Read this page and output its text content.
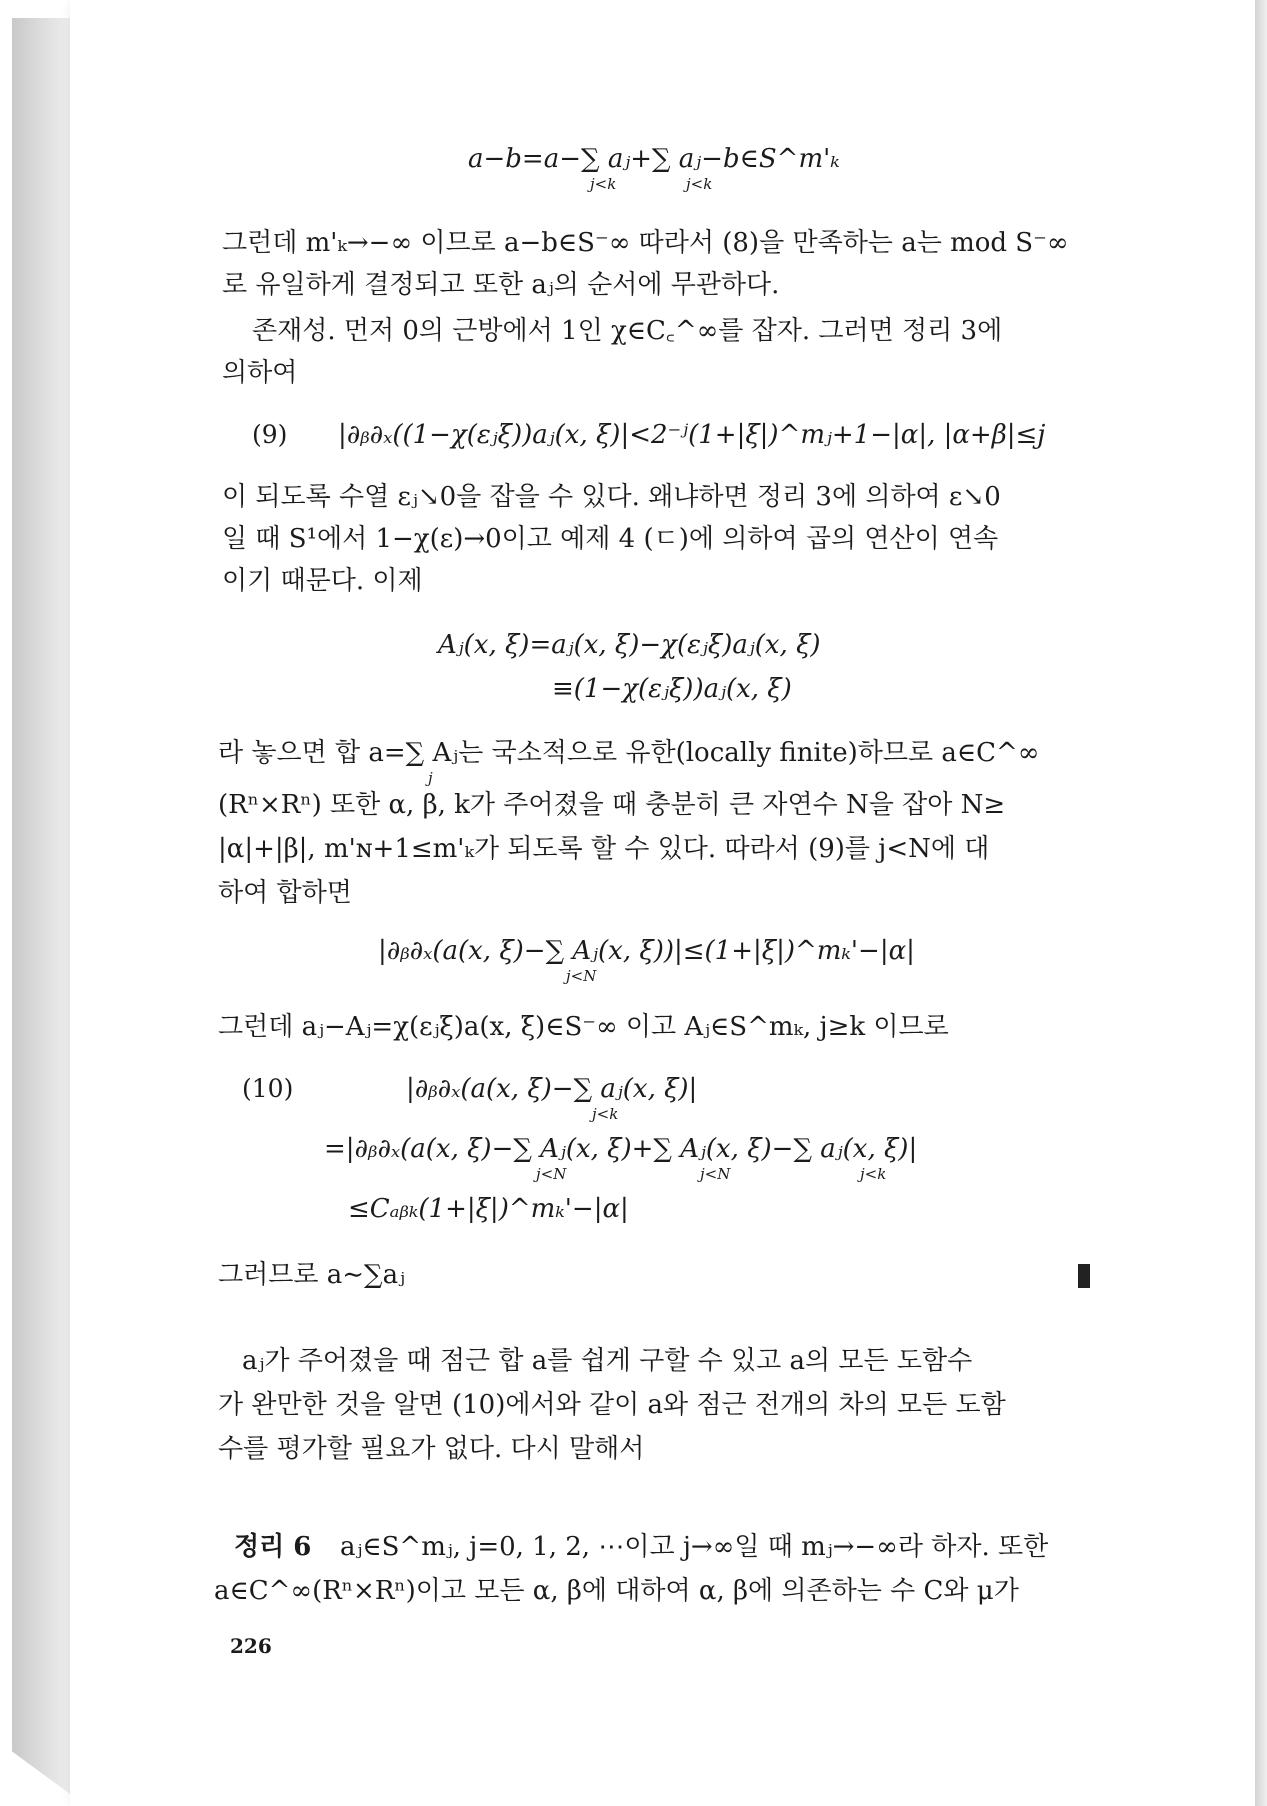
a−b=a−∑ aⱼ+∑ aⱼ−b∈S^m'ₖ
j<k	j<k
그런데 m'ₖ→−∞ 이므로 a−b∈S⁻∞ 따라서 (8)을 만족하는 a는 mod S⁻∞
로 유일하게 결정되고 또한 aⱼ의 순서에 무관하다.
존재성. 먼저 0의 근방에서 1인 χ∈C꜀^∞를 잡자. 그러면 정리 3에
의하여
(9) |∂ᵦ∂ₓ((1−χ(εⱼξ))aⱼ(x, ξ)|<2⁻ʲ(1+|ξ|)^mⱼ+1−|α|, |α+β|≤j
이 되도록 수열 εⱼ↘0을 잡을 수 있다. 왜냐하면 정리 3에 의하여 ε↘0
일 때 S¹에서 1−χ(ε)→0이고 예제 4 (ㄷ)에 의하여 곱의 연산이 연속
이기 때문다. 이제
Aⱼ(x, ξ)=aⱼ(x, ξ)−χ(εⱼξ)aⱼ(x, ξ)
≡(1−χ(εⱼξ))aⱼ(x, ξ)
라 놓으면 합 a=∑ Aⱼ는 국소적으로 유한(locally finite)하므로 a∈C^∞
j
(Rⁿ×Rⁿ) 또한 α, β, k가 주어졌을 때 충분히 큰 자연수 N을 잡아 N≥
|α|+|β|, m'ɴ+1≤m'ₖ가 되도록 할 수 있다. 따라서 (9)를 j<N에 대
하여 합하면
|∂ᵦ∂ₓ(a(x, ξ)−∑ Aⱼ(x, ξ))|≤(1+|ξ|)^mₖ'−|α|
j<N
그런데 aⱼ−Aⱼ=χ(εⱼξ)a(x, ξ)∈S⁻∞ 이고 Aⱼ∈S^mₖ, j≥k 이므로
(10)	|∂ᵦ∂ₓ(a(x, ξ)−∑ aⱼ(x, ξ)|
j<k
=|∂ᵦ∂ₓ(a(x, ξ)−∑ Aⱼ(x, ξ)+∑ Aⱼ(x, ξ)−∑ aⱼ(x, ξ)|
j<N	j<N	j<k
≤Cₐᵦₖ(1+|ξ|)^mₖ'−|α|
그러므로 a∼∑aⱼ
aⱼ가 주어졌을 때 점근 합 a를 쉽게 구할 수 있고 a의 모든 도함수
가 완만한 것을 알면 (10)에서와 같이 a와 점근 전개의 차의 모든 도함
수를 평가할 필요가 없다. 다시 말해서
정리 6 aⱼ∈S^mⱼ, j=0, 1, 2, ⋯이고 j→∞일 때 mⱼ→−∞라 하자. 또한
a∈C^∞(Rⁿ×Rⁿ)이고 모든 α, β에 대하여 α, β에 의존하는 수 C와 μ가
226
